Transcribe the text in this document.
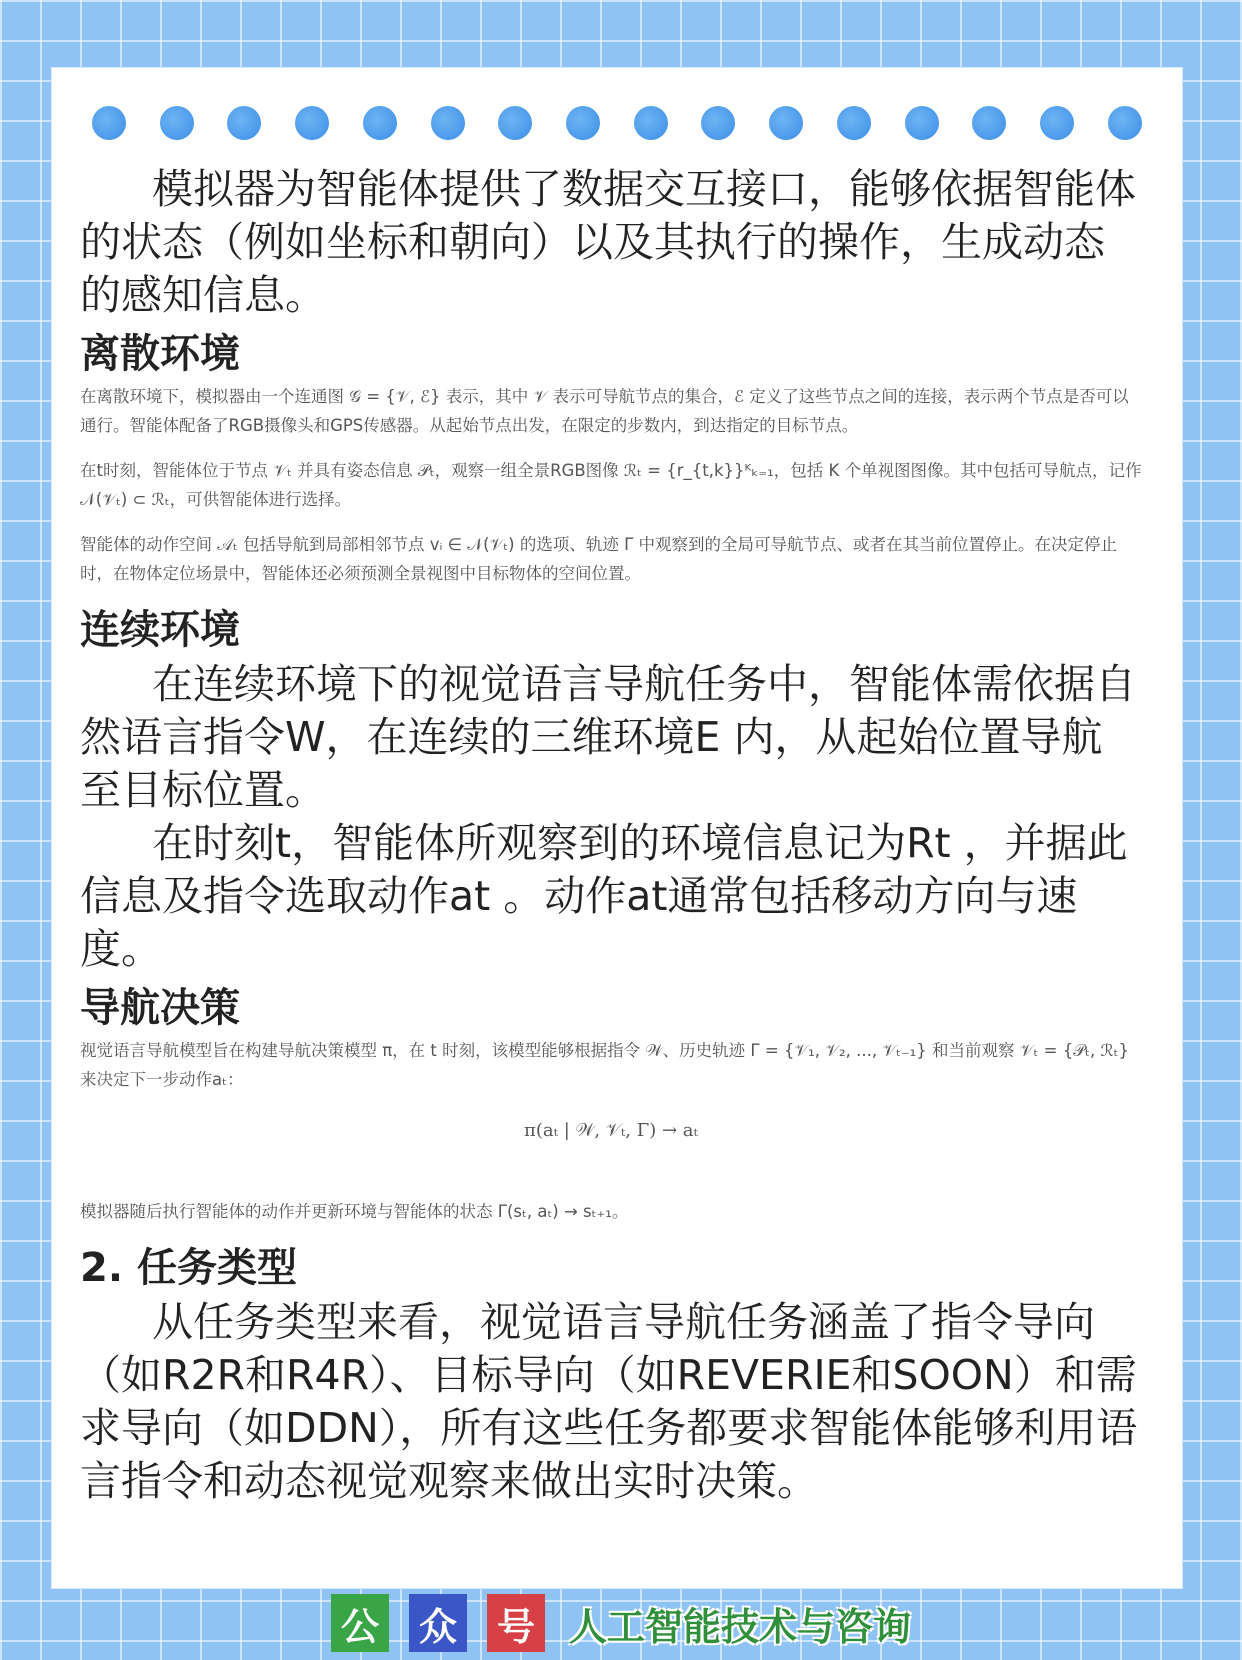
模拟器为智能体提供了数据交互接口，能够依据智能体的状态（例如坐标和朝向）以及其执行的操作，生成动态的感知信息。

离散环境

在离散环境下，模拟器由一个连通图 𝒢 = {𝒱, ℰ} 表示，其中 𝒱 表示可导航节点的集合，ℰ 定义了这些节点之间的连接，表示两个节点是否可以通行。智能体配备了RGB摄像头和GPS传感器。从起始节点出发，在限定的步数内，到达指定的目标节点。

在t时刻，智能体位于节点 𝒱ₜ 并具有姿态信息 𝒫ₜ，观察一组全景RGB图像 ℛₜ = {r_{t,k}}ᴷₖ₌₁，包括 K 个单视图图像。其中包括可导航点，记作 𝒩(𝒱ₜ) ⊂ ℛₜ，可供智能体进行选择。

智能体的动作空间 𝒜ₜ 包括导航到局部相邻节点 vᵢ ∈ 𝒩(𝒱ₜ) 的选项、轨迹 Γ 中观察到的全局可导航节点、或者在其当前位置停止。在决定停止时，在物体定位场景中，智能体还必须预测全景视图中目标物体的空间位置。

连续环境

在连续环境下的视觉语言导航任务中，智能体需依据自然语言指令W，在连续的三维环境E 内，从起始位置导航至目标位置。

在时刻t，智能体所观察到的环境信息记为Rt ，并据此信息及指令选取动作at 。动作at通常包括移动方向与速度。

导航决策

视觉语言导航模型旨在构建导航决策模型 π，在 t 时刻，该模型能够根据指令 𝒲、历史轨迹 Γ = {𝒱₁, 𝒱₂, ..., 𝒱ₜ₋₁} 和当前观察 𝒱ₜ = {𝒫ₜ, ℛₜ} 来决定下一步动作aₜ：

π(aₜ | 𝒲, 𝒱ₜ, Γ) → aₜ

模拟器随后执行智能体的动作并更新环境与智能体的状态 Γ(sₜ, aₜ) → sₜ₊₁。

2. 任务类型

从任务类型来看，视觉语言导航任务涵盖了指令导向（如R2R和R4R）、目标导向（如REVERIE和SOON）和需求导向（如DDN），所有这些任务都要求智能体能够利用语言指令和动态视觉观察来做出实时决策。

公 众 号 人工智能技术与咨询
